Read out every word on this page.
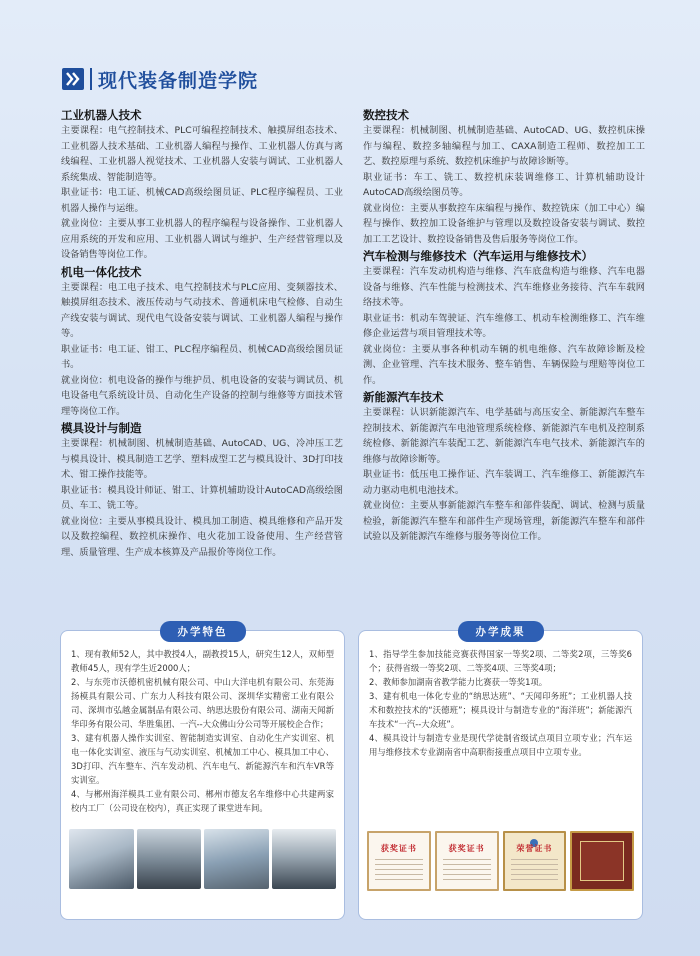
现代装备制造学院
工业机器人技术
主要课程：电气控制技术、PLC可编程控制技术、触摸屏组态技术、工业机器人技术基础、工业机器人编程与操作、工业机器人仿真与离线编程、工业机器人视觉技术、工业机器人安装与调试、工业机器人系统集成、智能制造等。
职业证书：电工证、机械CAD高级绘图员证、PLC程序编程员、工业机器人操作与运维。
就业岗位：主要从事工业机器人的程序编程与设备操作、工业机器人应用系统的开发和应用、工业机器人调试与维护、生产经营管理以及设备销售等岗位工作。
机电一体化技术
主要课程：电工电子技术、电气控制技术与PLC应用、变频器技术、触摸屏组态技术、液压传动与气动技术、普通机床电气检修、自动生产线安装与调试、现代电气设备安装与调试、工业机器人编程与操作等。
职业证书：电工证、钳工、PLC程序编程员、机械CAD高级绘图员证书。
就业岗位：机电设备的操作与维护员、机电设备的安装与调试员、机电设备电气系统设计员、自动化生产设备的控制与维修等方面技术管理等岗位工作。
模具设计与制造
主要课程：机械制图、机械制造基础、AutoCAD、UG、冷冲压工艺与模具设计、模具制造工艺学、塑料成型工艺与模具设计、3D打印技术、钳工操作技能等。
职业证书：模具设计师证、钳工、计算机辅助设计AutoCAD高级绘图员、车工、铣工等。
就业岗位：主要从事模具设计、模具加工制造、模具维修和产品开发以及数控编程、数控机床操作、电火花加工设备使用、生产经营管理、质量管理、生产成本核算及产品报价等岗位工作。
数控技术
主要课程：机械制图、机械制造基础、AutoCAD、UG、数控机床操作与编程、数控多轴编程与加工、CAXA制造工程师、数控加工工艺、数控原理与系统、数控机床维护与故障诊断等。
职业证书：车工、铣工、数控机床装调维修工、计算机辅助设计AutoCAD高级绘图员等。
就业岗位：主要从事数控车床编程与操作、数控铣床（加工中心）编程与操作、数控加工设备维护与管理以及数控设备安装与调试、数控加工工艺设计、数控设备销售及售后服务等岗位工作。
汽车检测与维修技术（汽车运用与维修技术）
主要课程：汽车发动机构造与维修、汽车底盘构造与维修、汽车电器设备与维修、汽车性能与检测技术、汽车维修业务接待、汽车车载网络技术等。
职业证书：机动车驾驶证、汽车维修工、机动车检测维修工、汽车维修企业运营与项目管理技术等。
就业岗位：主要从事各种机动车辆的机电维修、汽车故障诊断及检测、企业管理、汽车技术服务、整车销售、车辆保险与理赔等岗位工作。
新能源汽车技术
主要课程：认识新能源汽车、电学基础与高压安全、新能源汽车整车控制技术、新能源汽车电池管理系统检修、新能源汽车电机及控制系统检修、新能源汽车装配工艺、新能源汽车电气技术、新能源汽车的维修与故障诊断等。
职业证书：低压电工操作证、汽车装调工、汽车维修工、新能源汽车动力驱动电机电池技术。
就业岗位：主要从事新能源汽车整车和部件装配、调试、检测与质量检验，新能源汽车整车和部件生产现场管理，新能源汽车整车和部件试验以及新能源汽车维修与服务等岗位工作。
办学特色
1、现有教师52人，其中教授4人，副教授15人，研究生12人，双师型教师45人，现有学生近2000人；
2、与东莞市沃德机密机械有限公司、中山大洋电机有限公司、东莞海扬模具有限公司、广东力人科技有限公司、深圳华实精密工业有限公司、深圳市弘越金属制品有限公司、纳思达股份有限公司、湖南天闻新华印务有限公司、华胜集团、一汽--大众佛山分公司等开展校企合作；
3、建有机器人操作实训室、智能制造实训室、自动化生产实训室、机电一体化实训室、液压与气动实训室、机械加工中心、模具加工中心、3D打印、汽车整车、汽车发动机、汽车电气、新能源汽车和汽车VR等实训室。
4、与郴州海洋模具工业有限公司、郴州市德友名车维修中心共建两家校内工厂（公司设在校内），真正实现了课堂进车间。
办学成果
1、指导学生参加技能竞赛获得国家一等奖2项、二等奖2项，三等奖6个；获得省级一等奖2项、二等奖4项、三等奖4项；
2、教师参加湖南省教学能力比赛获一等奖1项。
3、建有机电一体化专业的“纳思达班”、“天闻印务班”；工业机器人技术和数控技术的“沃德班”；模具设计与制造专业的“海洋班”；新能源汽车技术“一汽--大众班”。
4、模具设计与制造专业是现代学徒制省级试点项目立项专业；汽车运用与维修技术专业湖南省中高职衔接重点项目中立项专业。
获奖证书	获奖证书	荣誉证书
